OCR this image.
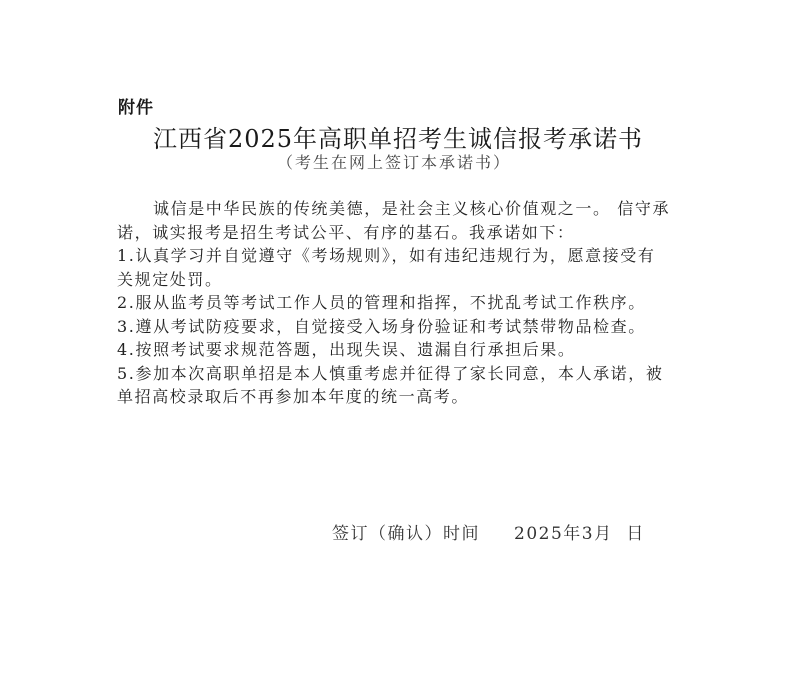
附件
江西省2025年高职单招考生诚信报考承诺书
（考生在网上签订本承诺书）

诚信是中华民族的传统美德，是社会主义核心价值观之一。 信守承诺，诚实报考是招生考试公平、有序的基石。我承诺如下：

1.认真学习并自觉遵守《考场规则》，如有违纪违规行为，愿意接受有关规定处罚。

2.服从监考员等考试工作人员的管理和指挥，不扰乱考试工作秩序。

3.遵从考试防疫要求，自觉接受入场身份验证和考试禁带物品检查。

4.按照考试要求规范答题，出现失误、遗漏自行承担后果。

5.参加本次高职单招是本人慎重考虑并征得了家长同意，本人承诺，被单招高校录取后不再参加本年度的统一高考。

签订（确认）时间 2025年3月  日
